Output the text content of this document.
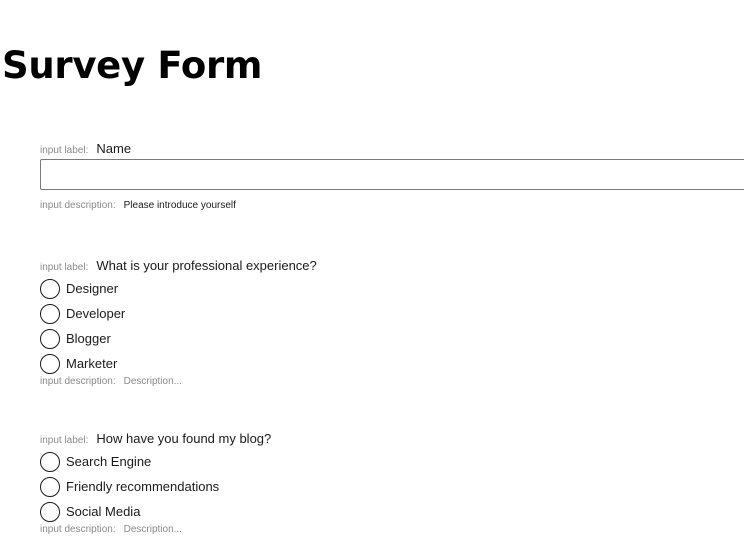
Survey Form
input label: Name
input description: Please introduce yourself
input label: What is your professional experience?
Designer
Developer
Blogger
Marketer
input description: Description...
input label: How have you found my blog?
Search Engine
Friendly recommendations
Social Media
input description: Description...
